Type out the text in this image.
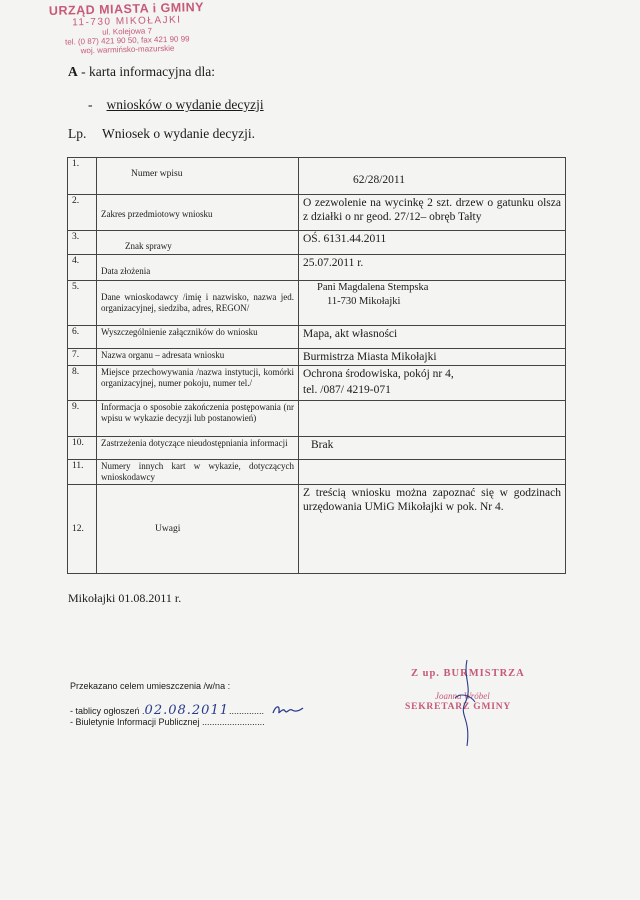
URZĄD MIASTA i GMINY
11-730 MIKOŁAJKI
ul. Kolejowa 7
tel. (0 87) 421 90 50, fax 421 90 99
woj. warmińsko-mazurskie
A - karta informacyjna dla:
- wniosków o wydanie decyzji
Lp. Wniosek o wydanie decyzji.
1.	Numer wpisu	62/28/2011

2.	Zakres przedmiotowy wniosku	O zezwolenie na wycinkę 2 szt. drzew o gatunku olsza z działki o nr geod. 27/12– obręb Tałty
3.	Znak sprawy	OŚ. 6131.44.2011
4.	Data złożenia	25.07.2011 r.
5.	Dane wnioskodawcy /imię i nazwisko, nazwa jed. organizacyjnej, siedziba, adres, REGON/	Pani Magdalena Stempska
11-730 Mikołajki

6.	Wyszczególnienie załączników do wniosku	Mapa, akt własności
7.	Nazwa organu – adresata wniosku	Burmistrza Miasta Mikołajki
8.	Miejsce przechowywania /nazwa instytucji, komórki organizacyjnej, numer pokoju, numer tel./	Ochrona środowiska, pokój nr 4,
tel. /087/ 4219-071

9.	Informacja o sposobie zakończenia postępowania (nr wpisu w wykazie decyzji lub postanowień)	
10.	Zastrzeżenia dotyczące nieudostępniania informacji	Brak

11.	Numery innych kart w wykazie, dotyczących wnioskodawcy	
12.	Uwagi	Z treścią wniosku można zapoznać się w godzinach urzędowania UMiG Mikołajki w pok. Nr 4.
Mikołajki 01.08.2011 r.
Przekazano celem umieszczenia /w/na :
- tablicy ogłoszeń .02.08.2011..............
- Biuletynie Informacji Publicznej .........................
Z up. BURMISTRZA
Joanna Wróbel
SEKRETARZ GMINY
